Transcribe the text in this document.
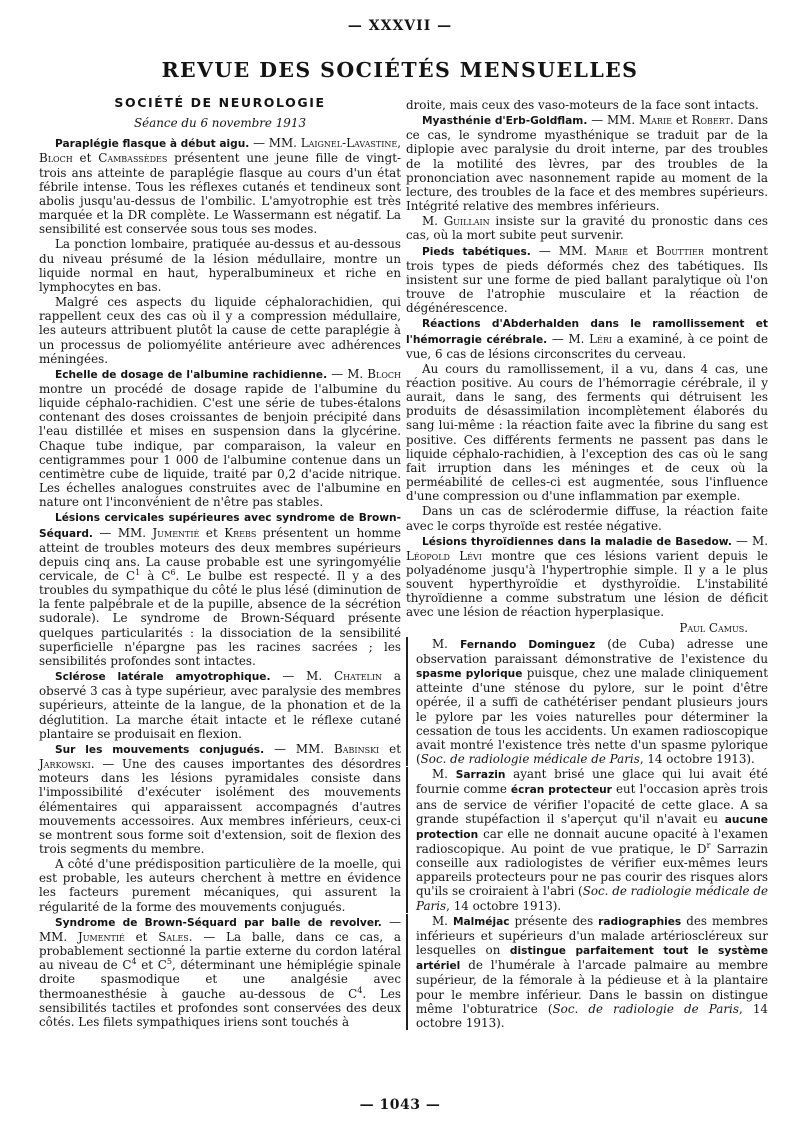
— XXXVII —
REVUE DES SOCIÉTÉS MENSUELLES
SOCIÉTÉ DE NEUROLOGIE
Séance du 6 novembre 1913

Paraplégie flasque à début aigu. — MM. Laignel-Lavastine, Bloch et Cambassèdes présentent une jeune fille de vingt-trois ans atteinte de paraplégie flasque au cours d'un état fébrile intense. Tous les réflexes cutanés et tendineux sont abolis jusqu'au-dessus de l'ombilic. L'amyotrophie est très marquée et la DR complète. Le Wassermann est négatif. La sensibilité est conservée sous tous ses modes.

La ponction lombaire, pratiquée au-dessus et au-dessous du niveau présumé de la lésion médullaire, montre un liquide normal en haut, hyperalbumineux et riche en lymphocytes en bas.

Malgré ces aspects du liquide céphalorachidien, qui rappellent ceux des cas où il y a compression médullaire, les auteurs attribuent plutôt la cause de cette paraplégie à un processus de poliomyélite antérieure avec adhérences méningées.

Echelle de dosage de l'albumine rachidienne. — M. Bloch montre un procédé de dosage rapide de l'albumine du liquide céphalo-rachidien. C'est une série de tubes-étalons contenant des doses croissantes de benjoin précipité dans l'eau distillée et mises en suspension dans la glycérine. Chaque tube indique, par comparaison, la valeur en centigrammes pour 1 000 de l'albumine contenue dans un centimètre cube de liquide, traité par 0,2 d'acide nitrique. Les échelles analogues construites avec de l'albumine en nature ont l'inconvénient de n'être pas stables.

Lésions cervicales supérieures avec syndrome de Brown-Séquard. — MM. Jumentié et Krebs présentent un homme atteint de troubles moteurs des deux membres supérieurs depuis cinq ans. La cause probable est une syringomyélie cervicale, de $C^1$ à $C^6$. Le bulbe est respecté. Il y a des troubles du sympathique du côté le plus lésé (diminution de la fente palpébrale et de la pupille, absence de la sécrétion sudorale). Le syndrome de Brown-Séquard présente quelques particularités : la dissociation de la sensibilité superficielle n'épargne pas les racines sacrées ; les sensibilités profondes sont intactes.

Sclérose latérale amyotrophique. — M. Chatelin a observé 3 cas à type supérieur, avec paralysie des membres supérieurs, atteinte de la langue, de la phonation et de la déglutition. La marche était intacte et le réflexe cutané plantaire se produisait en flexion.

Sur les mouvements conjugués. — MM. Babinski et Jarkowski. — Une des causes importantes des désordres moteurs dans les lésions pyramidales consiste dans l'impossibilité d'exécuter isolément des mouvements élémentaires qui apparaissent accompagnés d'autres mouvements accessoires. Aux membres inférieurs, ceux-ci se montrent sous forme soit d'extension, soit de flexion des trois segments du membre.

A côté d'une prédisposition particulière de la moelle, qui est probable, les auteurs cherchent à mettre en évidence les facteurs purement mécaniques, qui assurent la régularité de la forme des mouvements conjugués.

Syndrome de Brown-Séquard par balle de revolver. — MM. Jumentié et Sales. — La balle, dans ce cas, a probablement sectionné la partie externe du cordon latéral au niveau de $C^4$ et $C^5$, déterminant une hémiplégie spinale droite spasmodique et une analgésie avec thermoanesthésie à gauche au-dessous de $C^4$. Les sensibilités tactiles et profondes sont conservées des deux côtés. Les filets sympathiques iriens sont touchés à

droite, mais ceux des vaso-moteurs de la face sont intacts.

Myasthénie d'Erb-Goldflam. — MM. Marie et Robert. Dans ce cas, le syndrome myasthénique se traduit par de la diplopie avec paralysie du droit interne, par des troubles de la motilité des lèvres, par des troubles de la prononciation avec nasonnement rapide au moment de la lecture, des troubles de la face et des membres supérieurs. Intégrité relative des membres inférieurs.

M. Guillain insiste sur la gravité du pronostic dans ces cas, où la mort subite peut survenir.

Pieds tabétiques. — MM. Marie et Bouttier montrent trois types de pieds déformés chez des tabétiques. Ils insistent sur une forme de pied ballant paralytique où l'on trouve de l'atrophie musculaire et la réaction de dégénérescence.

Réactions d'Abderhalden dans le ramollissement et l'hémorragie cérébrale. — M. Léri a examiné, à ce point de vue, 6 cas de lésions circonscrites du cerveau.

Au cours du ramollissement, il a vu, dans 4 cas, une réaction positive. Au cours de l'hémorragie cérébrale, il y aurait, dans le sang, des ferments qui détruisent les produits de désassimilation incomplètement élaborés du sang lui-même : la réaction faite avec la fibrine du sang est positive. Ces différents ferments ne passent pas dans le liquide céphalo-rachidien, à l'exception des cas où le sang fait irruption dans les méninges et de ceux où la perméabilité de celles-ci est augmentée, sous l'influence d'une compression ou d'une inflammation par exemple.

Dans un cas de sclérodermie diffuse, la réaction faite avec le corps thyroïde est restée négative.

Lésions thyroïdiennes dans la maladie de Basedow. — M. Léopold Lévi montre que ces lésions varient depuis le polyadénome jusqu'à l'hypertrophie simple. Il y a le plus souvent hyperthyroïdie et dysthyroïdie. L'instabilité thyroïdienne a comme substratum une lésion de déficit avec une lésion de réaction hyperplasique.

Paul Camus.

M. Fernando Dominguez (de Cuba) adresse une observation paraissant démonstrative de l'existence du spasme pylorique puisque, chez une malade cliniquement atteinte d'une sténose du pylore, sur le point d'être opérée, il a suffi de cathétériser pendant plusieurs jours le pylore par les voies naturelles pour déterminer la cessation de tous les accidents. Un examen radioscopique avait montré l'existence très nette d'un spasme pylorique (Soc. de radiologie médicale de Paris, 14 octobre 1913).

M. Sarrazin ayant brisé une glace qui lui avait été fournie comme écran protecteur eut l'occasion après trois ans de service de vérifier l'opacité de cette glace. A sa grande stupéfaction il s'aperçut qu'il n'avait eu aucune protection car elle ne donnait aucune opacité à l'examen radioscopique. Au point de vue pratique, le $D^r$ Sarrazin conseille aux radiologistes de vérifier eux-mêmes leurs appareils protecteurs pour ne pas courir des risques alors qu'ils se croiraient à l'abri (Soc. de radiologie médicale de Paris, 14 octobre 1913).

M. Malméjac présente des radiographies des membres inférieurs et supérieurs d'un malade artérioscléreux sur lesquelles on distingue parfaitement tout le système artériel de l'humérale à l'arcade palmaire au membre supérieur, de la fémorale à la pédieuse et à la plantaire pour le membre inférieur. Dans le bassin on distingue même l'obturatrice (Soc. de radiologie de Paris, 14 octobre 1913).

— 1043 —
